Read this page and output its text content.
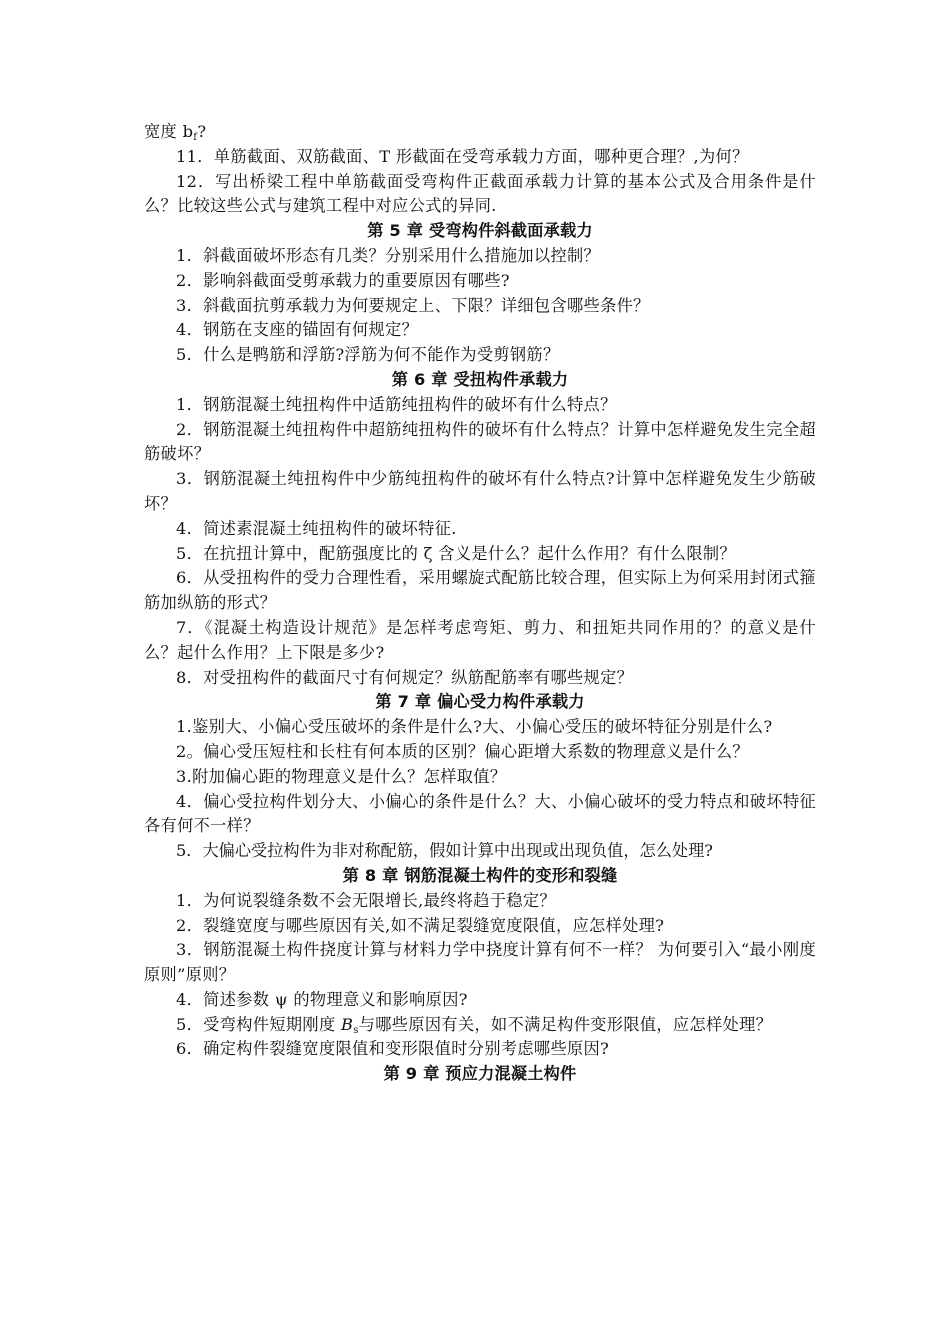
宽度 $b_f$?

11．单筋截面、双筋截面、T 形截面在受弯承载力方面，哪种更合理？,为何？

12．写出桥梁工程中单筋截面受弯构件正截面承载力计算的基本公式及合用条件是什么？比较这些公式与建筑工程中对应公式的异同.

第 5 章 受弯构件斜截面承载力

1．斜截面破坏形态有几类？分别采用什么措施加以控制？

2．影响斜截面受剪承载力的重要原因有哪些?

3．斜截面抗剪承载力为何要规定上、下限？详细包含哪些条件？

4．钢筋在支座的锚固有何规定？

5．什么是鸭筋和浮筋?浮筋为何不能作为受剪钢筋？

第 6 章 受扭构件承载力

1．钢筋混凝土纯扭构件中适筋纯扭构件的破坏有什么特点？

2．钢筋混凝土纯扭构件中超筋纯扭构件的破坏有什么特点？计算中怎样避免发生完全超筋破坏？

3．钢筋混凝土纯扭构件中少筋纯扭构件的破坏有什么特点?计算中怎样避免发生少筋破坏？

4．简述素混凝土纯扭构件的破坏特征.

5．在抗扭计算中，配筋强度比的 ζ 含义是什么？起什么作用？有什么限制？

6．从受扭构件的受力合理性看，采用螺旋式配筋比较合理，但实际上为何采用封闭式箍筋加纵筋的形式？

7．《混凝土构造设计规范》是怎样考虑弯矩、剪力、和扭矩共同作用的？的意义是什么？起什么作用？上下限是多少?

8．对受扭构件的截面尺寸有何规定？纵筋配筋率有哪些规定？

第 7 章 偏心受力构件承载力

1.鉴别大、小偏心受压破坏的条件是什么?大、小偏心受压的破坏特征分别是什么?

2。偏心受压短柱和长柱有何本质的区别？偏心距增大系数的物理意义是什么？

3.附加偏心距的物理意义是什么？怎样取值？

4．偏心受拉构件划分大、小偏心的条件是什么？大、小偏心破坏的受力特点和破坏特征各有何不一样？

5．大偏心受拉构件为非对称配筋，假如计算中出现或出现负值，怎么处理?

第 8 章 钢筋混凝土构件的变形和裂缝

1．为何说裂缝条数不会无限增长,最终将趋于稳定？

2．裂缝宽度与哪些原因有关,如不满足裂缝宽度限值，应怎样处理?

3．钢筋混凝土构件挠度计算与材料力学中挠度计算有何不一样？ 为何要引入“最小刚度原则”原则？

4．简述参数 ψ 的物理意义和影响原因?

5．受弯构件短期刚度 $B_s$与哪些原因有关，如不满足构件变形限值，应怎样处理？

6．确定构件裂缝宽度限值和变形限值时分别考虑哪些原因?

第 9 章 预应力混凝土构件
